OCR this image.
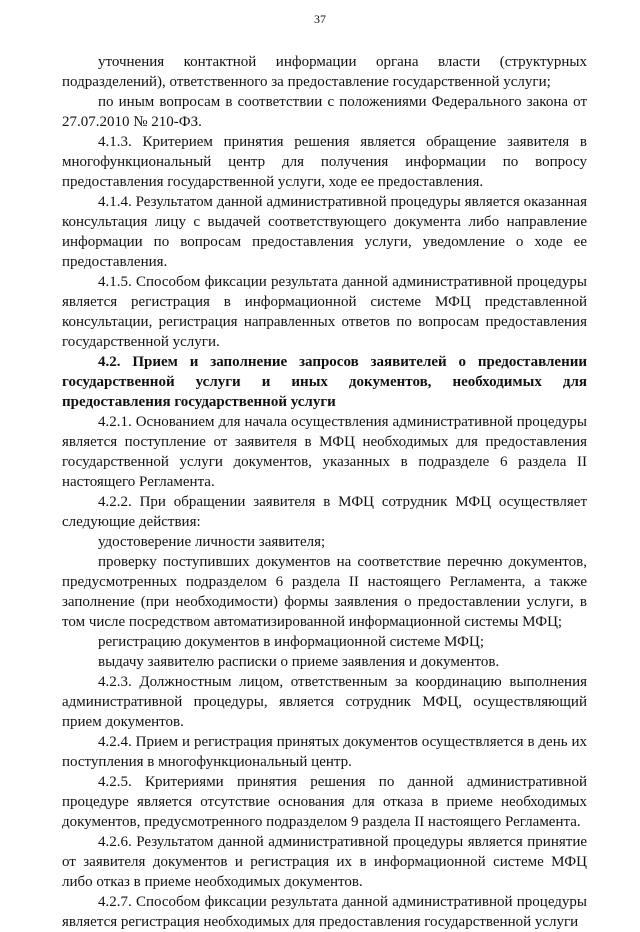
37

уточнения контактной информации органа власти (структурных подразделений), ответственного за предоставление государственной услуги;

по иным вопросам в соответствии с положениями Федерального закона от 27.07.2010 № 210-ФЗ.

4.1.3. Критерием принятия решения является обращение заявителя в многофункциональный центр для получения информации по вопросу предоставления государственной услуги, ходе ее предоставления.

4.1.4. Результатом данной административной процедуры является оказанная консультация лицу с выдачей соответствующего документа либо направление информации по вопросам предоставления услуги, уведомление о ходе ее предоставления.

4.1.5. Способом фиксации результата данной административной процедуры является регистрация в информационной системе МФЦ представленной консультации, регистрация направленных ответов по вопросам предоставления государственной услуги.

4.2. Прием и заполнение запросов заявителей о предоставлении государственной услуги и иных документов, необходимых для предоставления государственной услуги

4.2.1. Основанием для начала осуществления административной процедуры является поступление от заявителя в МФЦ необходимых для предоставления государственной услуги документов, указанных в подразделе 6 раздела II настоящего Регламента.

4.2.2. При обращении заявителя в МФЦ сотрудник МФЦ осуществляет следующие действия:

удостоверение личности заявителя;

проверку поступивших документов на соответствие перечню документов, предусмотренных подразделом 6 раздела II настоящего Регламента, а также заполнение (при необходимости) формы заявления о предоставлении услуги, в том числе посредством автоматизированной информационной системы МФЦ;

регистрацию документов в информационной системе МФЦ;

выдачу заявителю расписки о приеме заявления и документов.

4.2.3. Должностным лицом, ответственным за координацию выполнения административной процедуры, является сотрудник МФЦ, осуществляющий прием документов.

4.2.4. Прием и регистрация принятых документов осуществляется в день их поступления в многофункциональный центр.

4.2.5. Критериями принятия решения по данной административной процедуре является отсутствие основания для отказа в приеме необходимых документов, предусмотренного подразделом 9 раздела II настоящего Регламента.

4.2.6. Результатом данной административной процедуры является принятие от заявителя документов и регистрация их в информационной системе МФЦ либо отказ в приеме необходимых документов.

4.2.7. Способом фиксации результата данной административной процедуры является регистрация необходимых для предоставления государственной услуги
